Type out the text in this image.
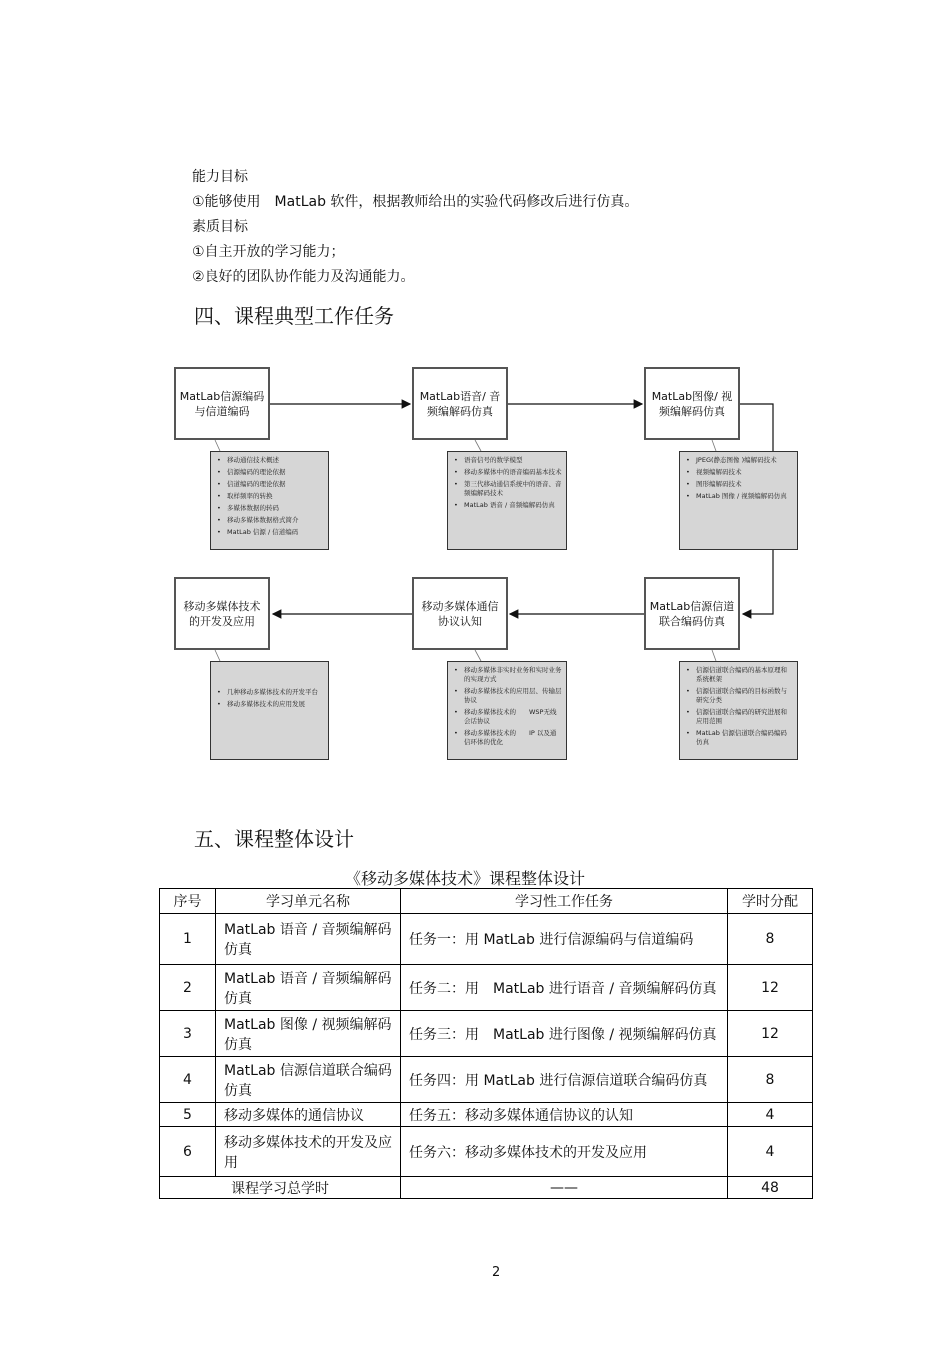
能力目标
①能够使用　MatLab 软件，根据教师给出的实验代码修改后进行仿真。
素质目标
①自主开放的学习能力；
②良好的团队协作能力及沟通能力。
四、课程典型工作任务
MatLab信源编码与信道编码
MatLab语音/ 音频编解码仿真
MatLab图像/ 视频编解码仿真
MatLab信源信道联合编码仿真
移动多媒体通信协议认知
移动多媒体技术的开发及应用
• 移动通信技术概述
• 信源编码的理论依据
• 信道编码的理论依据
• 取样频率的转换
• 多媒体数据的转码
• 移动多媒体数据格式简介
• MatLab 信源 / 信道编码
• 语音信号的数学模型
• 移动多媒体中的语音编码基本技术
• 第三代移动通信系统中的语音、音频编解码技术
• MatLab 语音 / 音频编解码仿真
• JPEG(静态图像 )编解码技术
• 视频编解码技术
• 图形编解码技术
• MatLab 图像 / 视频编解码仿真
• 信源信道联合编码的基本原理和系统框架
• 信源信道联合编码的目标函数与研究分类
• 信源信道联合编码的研究进展和应用范围
• MatLab 信源信道联合编码编码仿真
• 移动多媒体非实时业务和实时业务的实现方式
• 移动多媒体技术的应用层、传输层协议
• 移动多媒体技术的　　WSP无线会话协议
• 移动多媒体技术的　　IP 以及通信环体的优化
• 几种移动多媒体技术的开发平台
• 移动多媒体技术的应用发展
五、课程整体设计
《移动多媒体技术》课程整体设计
序号	学习单元名称	学习性工作任务	学时分配
1	MatLab 语音 / 音频编解码仿真	任务一：用 MatLab 进行信源编码与信道编码	8
2	MatLab 语音 / 音频编解码仿真	任务二：用　MatLab 进行语音 / 音频编解码仿真	12
3	MatLab 图像 / 视频编解码仿真	任务三：用　MatLab 进行图像 / 视频编解码仿真	12
4	MatLab 信源信道联合编码仿真	任务四：用 MatLab 进行信源信道联合编码仿真	8
5	移动多媒体的通信协议	任务五：移动多媒体通信协议的认知	4
6	移动多媒体技术的开发及应用	任务六：移动多媒体技术的开发及应用	4
课程学习总学时		——	48
2
